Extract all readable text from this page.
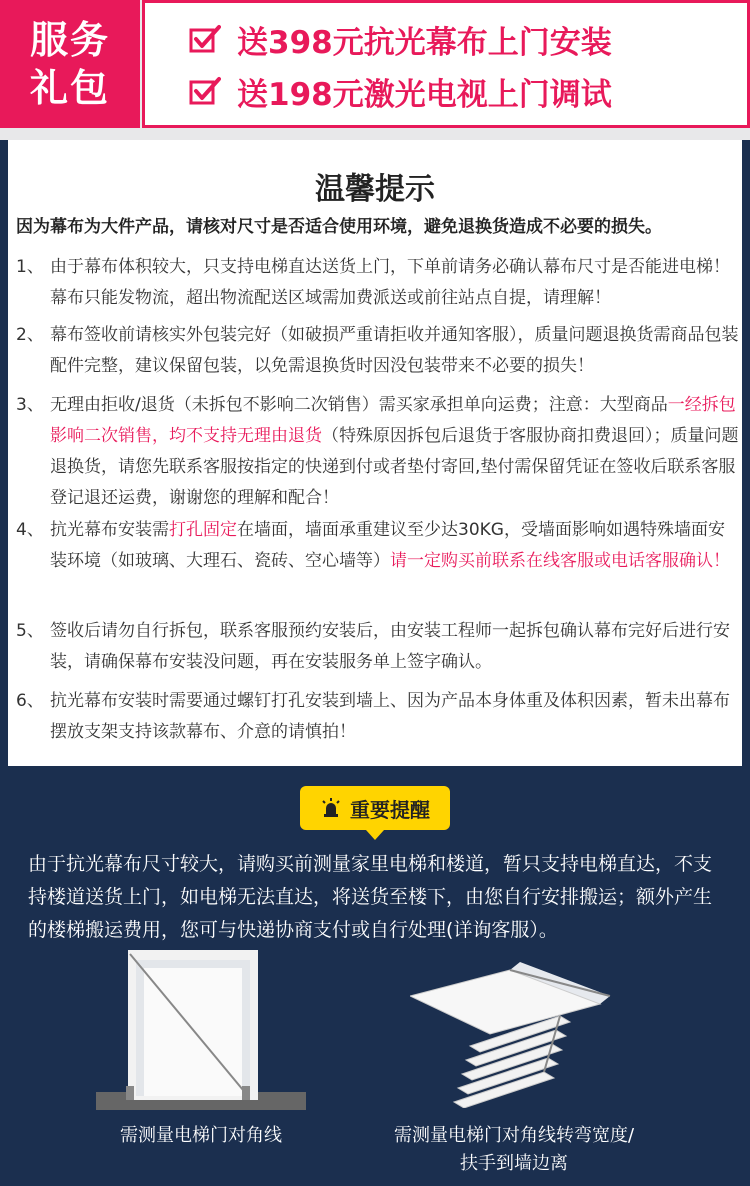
服务
礼包
送398元抗光幕布上门安装
送198元激光电视上门调试
温馨提示
因为幕布为大件产品，请核对尺寸是否适合使用环境，避免退换货造成不必要的损失。
1、 由于幕布体积较大，只支持电梯直达送货上门，下单前请务必确认幕布尺寸是否能进电梯！幕布只能发物流，超出物流配送区域需加费派送或前往站点自提，请理解！
2、 幕布签收前请核实外包装完好（如破损严重请拒收并通知客服），质量问题退换货需商品包装配件完整，建议保留包装，以免需退换货时因没包装带来不必要的损失！
3、 无理由拒收/退货（未拆包不影响二次销售）需买家承担单向运费；注意：大型商品一经拆包影响二次销售，均不支持无理由退货（特殊原因拆包后退货于客服协商扣费退回）；质量问题退换货，请您先联系客服按指定的快递到付或者垫付寄回,垫付需保留凭证在签收后联系客服登记退还运费，谢谢您的理解和配合！
4、 抗光幕布安装需打孔固定在墙面，墙面承重建议至少达30KG，受墙面影响如遇特殊墙面安装环境（如玻璃、大理石、瓷砖、空心墙等）请一定购买前联系在线客服或电话客服确认！
5、 签收后请勿自行拆包，联系客服预约安装后，由安装工程师一起拆包确认幕布完好后进行安装，请确保幕布安装没问题，再在安装服务单上签字确认。
6、 抗光幕布安装时需要通过螺钉打孔安装到墙上、因为产品本身体重及体积因素，暂未出幕布摆放支架支持该款幕布、介意的请慎拍！
重要提醒
由于抗光幕布尺寸较大，请购买前测量家里电梯和楼道，暂只支持电梯直达，不支持楼道送货上门，如电梯无法直达，将送货至楼下，由您自行安排搬运；额外产生的楼梯搬运费用，您可与快递协商支付或自行处理(详询客服）。
需测量电梯门对角线	需测量电梯门对角线转弯宽度/
扶手到墙边离
